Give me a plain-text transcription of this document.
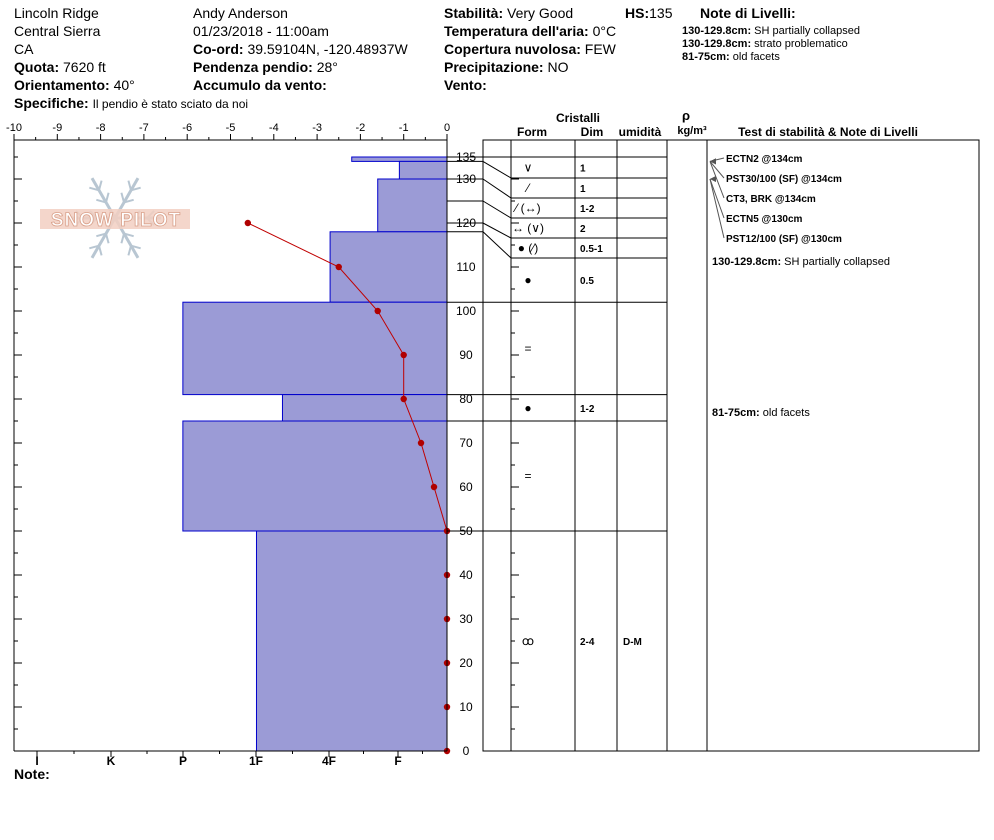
Lincoln Ridge
Central Sierra
CA
Quota: 7620 ft
Orientamento: 40°
Specifiche: Il pendio è stato sciato da noi
Andy Anderson
01/23/2018 - 11:00am
Co-ord: 39.59104N, -120.48937W
Pendenza pendio: 28°
Accumulo da vento:
Stabilità: Very Good	HS:135
Temperatura dell'aria: 0°C
Copertura nuvolosa: FEW
Precipitazione: NO
Vento:
Note di Livelli:
130-129.8cm: SH partially collapsed
130-129.8cm: strato problematico
81-75cm: old facets
-10	-9	-8	-7	-6	-5	-4	-3	-2	-1	0
I	K	P	1F	4F	F
0
10
20
30
40
50
60
70
80
90
100
110
120
130
135
Cristalli
Form	Dim umidità
ρ
kg/m³	Test di stabilità & Note di Livelli
∨	1
⁄	1
⁄ (↔)	1-2
↔ (∨)	2
● (⁄)	0.5-1
●	0.5
=
●	1-2
=
ꝏ	2-4	D-M
ECTN2 @134cm
PST30/100 (SF) @134cm
CT3, BRK @134cm
ECTN5 @130cm
PST12/100 (SF) @130cm
130-129.8cm: SH partially collapsed
81-75cm: old facets
SNOW PILOT
Note:
